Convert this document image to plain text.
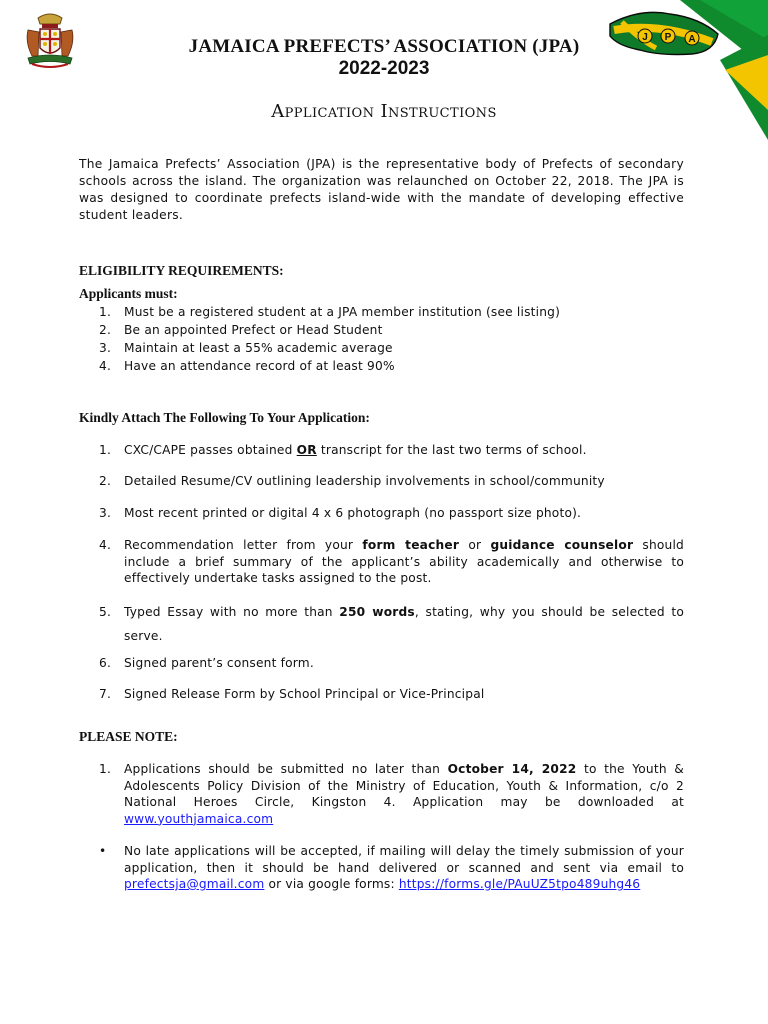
J P A
JAMAICA PREFECTS’ ASSOCIATION (JPA)
2022-2023
Application Instructions
The Jamaica Prefects’ Association (JPA) is the representative body of Prefects of secondary schools across the island. The organization was relaunched on October 22, 2018. The JPA is was designed to coordinate prefects island-wide with the mandate of developing effective student leaders.
ELIGIBILITY REQUIREMENTS:
Applicants must:
1. Must be a registered student at a JPA member institution (see listing)
2. Be an appointed Prefect or Head Student
3. Maintain at least a 55% academic average
4. Have an attendance record of at least 90%
Kindly Attach The Following To Your Application:
1. CXC/CAPE passes obtained OR transcript for the last two terms of school.
2. Detailed Resume/CV outlining leadership involvements in school/community
3. Most recent printed or digital 4 x 6 photograph (no passport size photo).
4. Recommendation letter from your form teacher or guidance counselor should include a brief summary of the applicant’s ability academically and otherwise to effectively undertake tasks assigned to the post.
5. Typed Essay with no more than 250 words, stating, why you should be selected to serve.
6. Signed parent’s consent form.
7. Signed Release Form by School Principal or Vice-Principal
PLEASE NOTE:
1. Applications should be submitted no later than October 14, 2022 to the Youth & Adolescents Policy Division of the Ministry of Education, Youth & Information, c/o 2 National Heroes Circle, Kingston 4. Application may be downloaded at www.youthjamaica.com
• No late applications will be accepted, if mailing will delay the timely submission of your application, then it should be hand delivered or scanned and sent via email to prefectsja@gmail.com or via google forms: https://forms.gle/PAuUZ5tpo489uhg46
